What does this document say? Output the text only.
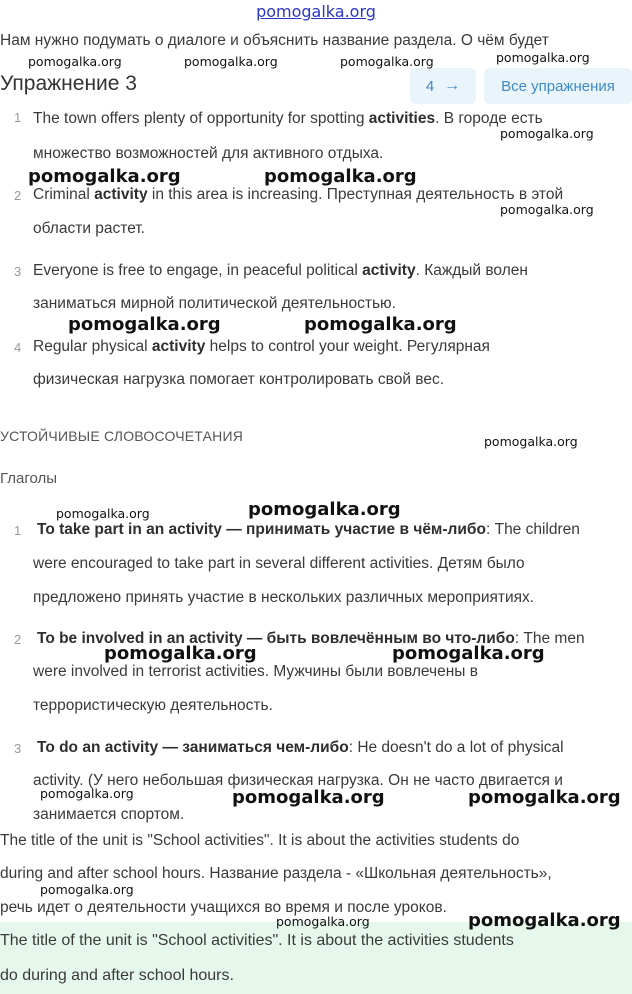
pomogalka.org
Нам нужно подумать о диалоге и объяснить название раздела. О чём будет
Упражнение 3	4 →	Все упражнения
1 The town offers plenty of opportunity for spotting activities. В городе есть
множество возможностей для активного отдыха.
2 Criminal activity in this area is increasing. Преступная деятельность в этой
области растет.
3 Everyone is free to engage, in peaceful political activity. Каждый волен
заниматься мирной политической деятельностью.
4 Regular physical activity helps to control your weight. Регулярная
физическая нагрузка помогает контролировать свой вес.
УСТОЙЧИВЫЕ СЛОВОСОЧЕТАНИЯ
Глаголы
1 To take part in an activity — принимать участие в чём-либо: The children
were encouraged to take part in several different activities. Детям было
предложено принять участие в нескольких различных мероприятиях.
2 To be involved in an activity — быть вовлечённым во что-либо: The men
were involved in terrorist activities. Мужчины были вовлечены в
террористическую деятельность.
3 To do an activity — заниматься чем-либо: He doesn't do a lot of physical
activity. (У него небольшая физическая нагрузка. Он не часто двигается и
занимается спортом.
The title of the unit is "School activities". It is about the activities students do
during and after school hours. Название раздела - «Школьная деятельность»,
речь идет о деятельности учащихся во время и после уроков.
The title of the unit is "School activities". It is about the activities students
do during and after school hours.
pomogalka.org	pomogalka.org	pomogalka.org	pomogalka.org
pomogalka.org
pomogalka.org
pomogalka.org
pomogalka.org
pomogalka.org
pomogalka.org
pomogalka.org
pomogalka.org	pomogalka.org
pomogalka.org	pomogalka.org
pomogalka.org
pomogalka.org	pomogalka.org
pomogalka.org	pomogalka.org
pomogalka.org
